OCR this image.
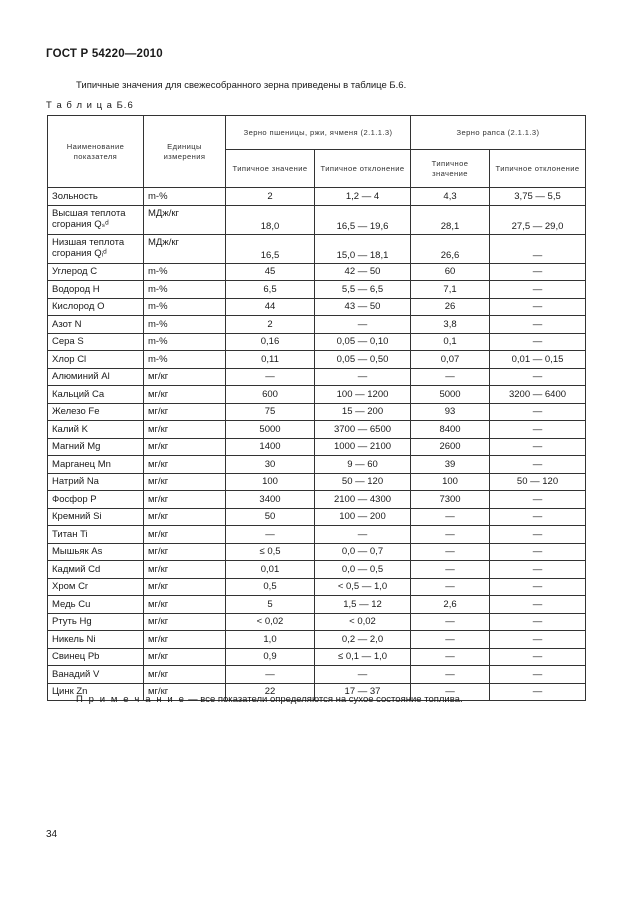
ГОСТ Р 54220—2010
Типичные значения для свежесобранного зерна приведены в таблице Б.6.
Т а б л и ц а Б.6
Наименование показателя	Единицы измерения	Зерно пшеницы, ржи, ячменя (2.1.1.3)		Зерно рапса (2.1.1.3)	
		Типичное значение	Типичное отклонение	Типичное значение	Типичное отклонение
Зольность	m-%	2	1,2 — 4	4,3	3,75 — 5,5
Высшая теплота сгорания Qₛᵈ	МДж/кг	18,0	16,5 — 19,6	28,1	27,5 — 29,0
Низшая теплота сгорания Qᵢᵈ	МДж/кг	16,5	15,0 — 18,1	26,6	—
Углерод C	m-%	45	42 — 50	60	—
Водород H	m-%	6,5	5,5 — 6,5	7,1	—
Кислород O	m-%	44	43 — 50	26	—
Азот N	m-%	2	—	3,8	—
Сера S	m-%	0,16	0,05 — 0,10	0,1	—
Хлор Cl	m-%	0,11	0,05 — 0,50	0,07	0,01 — 0,15
Алюминий Al	мг/кг	—	—	—	—
Кальций Ca	мг/кг	600	100 — 1200	5000	3200 — 6400
Железо Fe	мг/кг	75	15 — 200	93	—
Калий K	мг/кг	5000	3700 — 6500	8400	—
Магний Mg	мг/кг	1400	1000 — 2100	2600	—
Марганец Mn	мг/кг	30	9 — 60	39	—
Натрий Na	мг/кг	100	50 — 120	100	50 — 120
Фосфор P	мг/кг	3400	2100 — 4300	7300	—
Кремний Si	мг/кг	50	100 — 200	—	—
Титан Ti	мг/кг	—	—	—	—
Мышьяк As	мг/кг	≤ 0,5	0,0 — 0,7	—	—
Кадмий Cd	мг/кг	0,01	0,0 — 0,5	—	—
Хром Cr	мг/кг	0,5	< 0,5 — 1,0	—	—
Медь Cu	мг/кг	5	1,5 — 12	2,6	—
Ртуть Hg	мг/кг	< 0,02	< 0,02	—	—
Никель Ni	мг/кг	1,0	0,2 — 2,0	—	—
Свинец Pb	мг/кг	0,9	≤ 0,1 — 1,0	—	—
Ванадий V	мг/кг	—	—	—	—
Цинк Zn	мг/кг	22	17 — 37	—	—
П р и м е ч а н и е — все показатели определяются на сухое состояние топлива.
34
